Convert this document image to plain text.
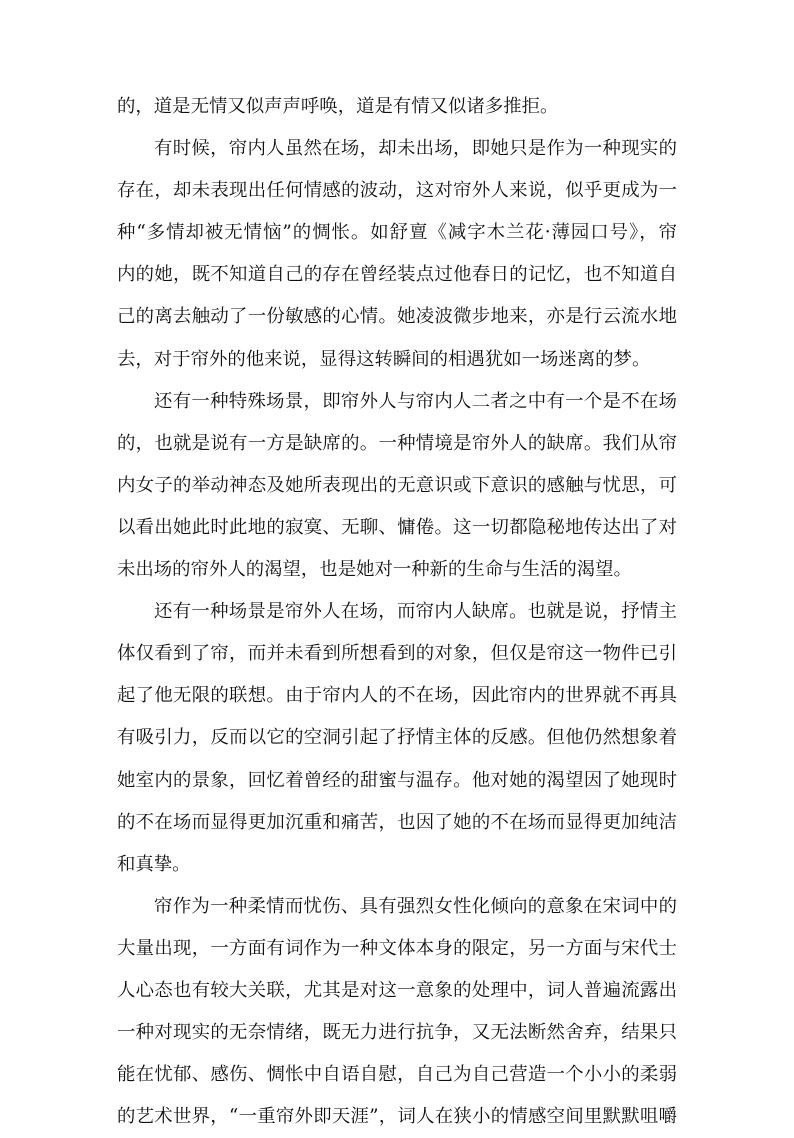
的，道是无情又似声声呼唤，道是有情又似诸多推拒。
有时候，帘内人虽然在场，却未出场，即她只是作为一种现实的
存在，却未表现出任何情感的波动，这对帘外人来说，似乎更成为一
种“多情却被无情恼”的惆怅。如舒亶《减字木兰花·薄园口号》，帘
内的她，既不知道自己的存在曾经装点过他春日的记忆，也不知道自
己的离去触动了一份敏感的心情。她凌波微步地来，亦是行云流水地
去，对于帘外的他来说，显得这转瞬间的相遇犹如一场迷离的梦。
还有一种特殊场景，即帘外人与帘内人二者之中有一个是不在场
的，也就是说有一方是缺席的。一种情境是帘外人的缺席。我们从帘
内女子的举动神态及她所表现出的无意识或下意识的感触与忧思，可
以看出她此时此地的寂寞、无聊、慵倦。这一切都隐秘地传达出了对
未出场的帘外人的渴望，也是她对一种新的生命与生活的渴望。
还有一种场景是帘外人在场，而帘内人缺席。也就是说，抒情主
体仅看到了帘，而并未看到所想看到的对象，但仅是帘这一物件已引
起了他无限的联想。由于帘内人的不在场，因此帘内的世界就不再具
有吸引力，反而以它的空洞引起了抒情主体的反感。但他仍然想象着
她室内的景象，回忆着曾经的甜蜜与温存。他对她的渴望因了她现时
的不在场而显得更加沉重和痛苦，也因了她的不在场而显得更加纯洁
和真挚。
帘作为一种柔情而忧伤、具有强烈女性化倾向的意象在宋词中的
大量出现，一方面有词作为一种文体本身的限定，另一方面与宋代士
人心态也有较大关联，尤其是对这一意象的处理中，词人普遍流露出
一种对现实的无奈情绪，既无力进行抗争，又无法断然舍弃，结果只
能在忧郁、感伤、惆怅中自语自慰，自己为自己营造一个小小的柔弱
的艺术世界，“一重帘外即天涯”，词人在狭小的情感空间里默默咀嚼
